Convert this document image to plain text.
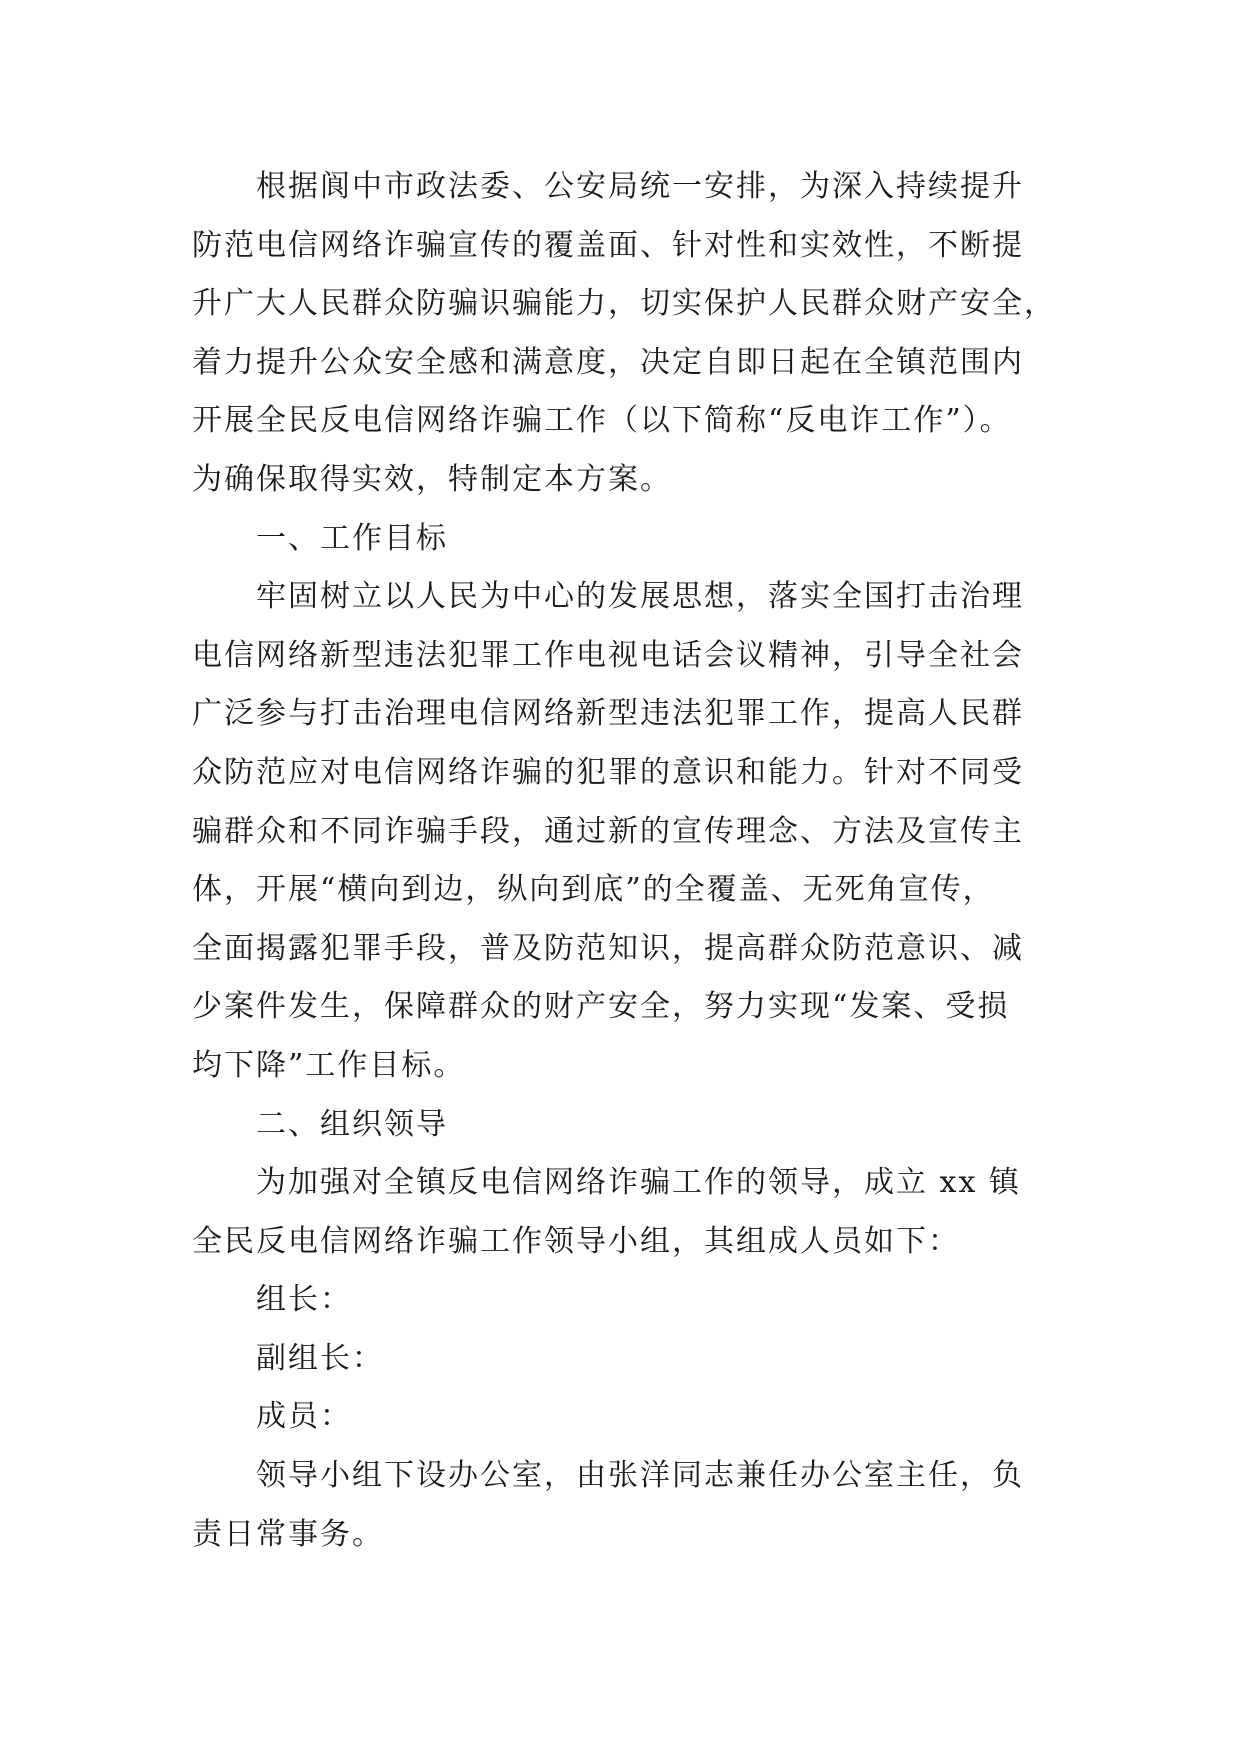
根据阆中市政法委、公安局统一安排，为深入持续提升
防范电信网络诈骗宣传的覆盖面、针对性和实效性，不断提
升广大人民群众防骗识骗能力，切实保护人民群众财产安全，
着力提升公众安全感和满意度，决定自即日起在全镇范围内
开展全民反电信网络诈骗工作（以下简称“反电诈工作”）。
为确保取得实效，特制定本方案。
一、工作目标
牢固树立以人民为中心的发展思想，落实全国打击治理
电信网络新型违法犯罪工作电视电话会议精神，引导全社会
广泛参与打击治理电信网络新型违法犯罪工作，提高人民群
众防范应对电信网络诈骗的犯罪的意识和能力。针对不同受
骗群众和不同诈骗手段，通过新的宣传理念、方法及宣传主
体，开展“横向到边，纵向到底”的全覆盖、无死角宣传，
全面揭露犯罪手段，普及防范知识，提高群众防范意识、减
少案件发生，保障群众的财产安全，努力实现“发案、受损
均下降”工作目标。
二、组织领导
为加强对全镇反电信网络诈骗工作的领导，成立 xx 镇
全民反电信网络诈骗工作领导小组，其组成人员如下：
组长：
副组长：
成员：
领导小组下设办公室，由张洋同志兼任办公室主任，负
责日常事务。
